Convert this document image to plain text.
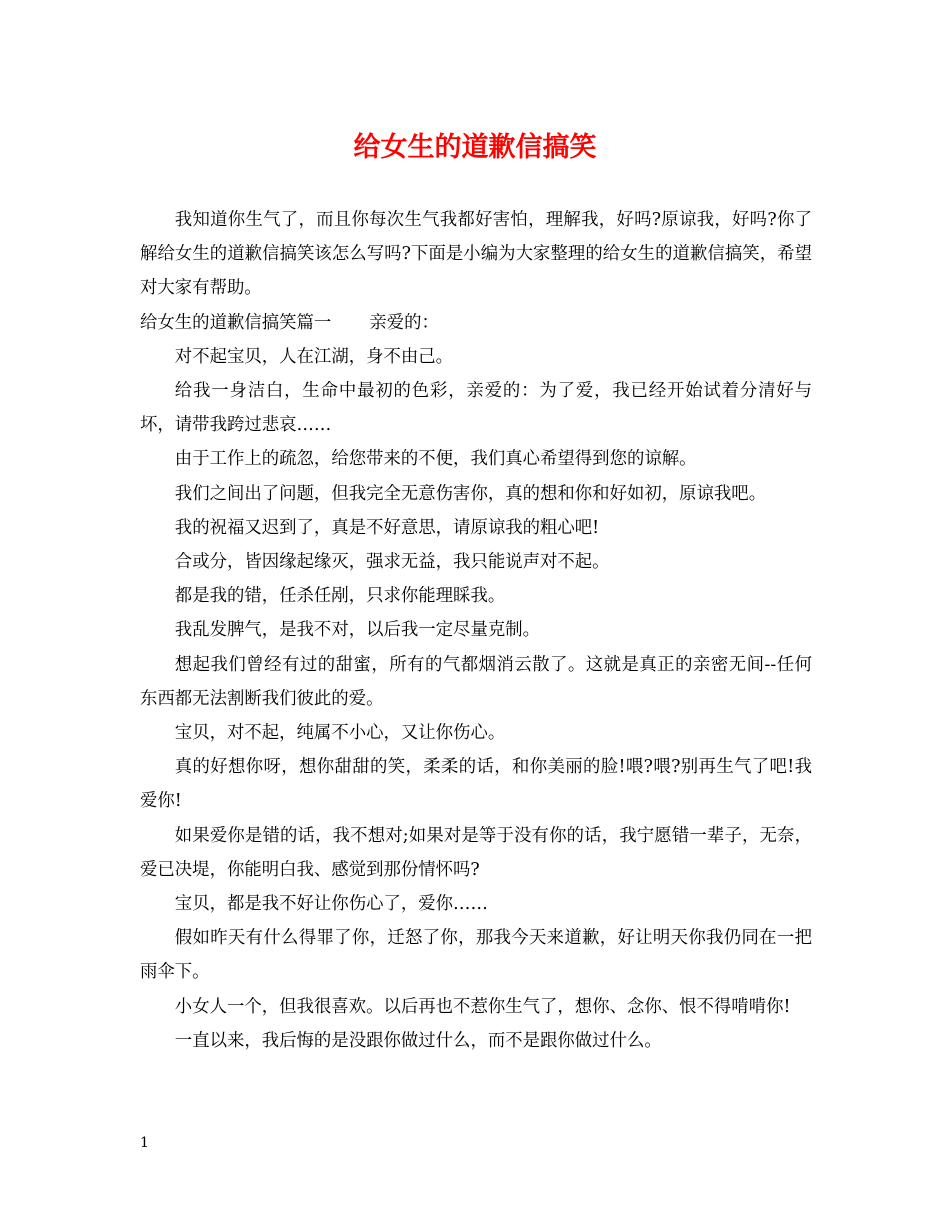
给女生的道歉信搞笑

我知道你生气了，而且你每次生气我都好害怕，理解我，好吗?原谅我，好吗?你了解给女生的道歉信搞笑该怎么写吗?下面是小编为大家整理的给女生的道歉信搞笑，希望对大家有帮助。

给女生的道歉信搞笑篇一 亲爱的：

对不起宝贝，人在江湖，身不由己。

给我一身洁白，生命中最初的色彩，亲爱的：为了爱，我已经开始试着分清好与坏，请带我跨过悲哀……

由于工作上的疏忽，给您带来的不便，我们真心希望得到您的谅解。

我们之间出了问题，但我完全无意伤害你，真的想和你和好如初，原谅我吧。

我的祝福又迟到了，真是不好意思，请原谅我的粗心吧!

合或分，皆因缘起缘灭，强求无益，我只能说声对不起。

都是我的错，任杀任剐，只求你能理睬我。

我乱发脾气，是我不对，以后我一定尽量克制。

想起我们曾经有过的甜蜜，所有的气都烟消云散了。这就是真正的亲密无间--任何东西都无法割断我们彼此的爱。

宝贝，对不起，纯属不小心，又让你伤心。

真的好想你呀，想你甜甜的笑，柔柔的话，和你美丽的脸!喂?喂?别再生气了吧!我爱你!

如果爱你是错的话，我不想对;如果对是等于没有你的话，我宁愿错一辈子，无奈，爱已决堤，你能明白我、感觉到那份情怀吗?

宝贝，都是我不好让你伤心了，爱你……

假如昨天有什么得罪了你，迁怒了你，那我今天来道歉，好让明天你我仍同在一把雨伞下。

小女人一个，但我很喜欢。以后再也不惹你生气了，想你、念你、恨不得啃啃你!

一直以来，我后悔的是没跟你做过什么，而不是跟你做过什么。

1
